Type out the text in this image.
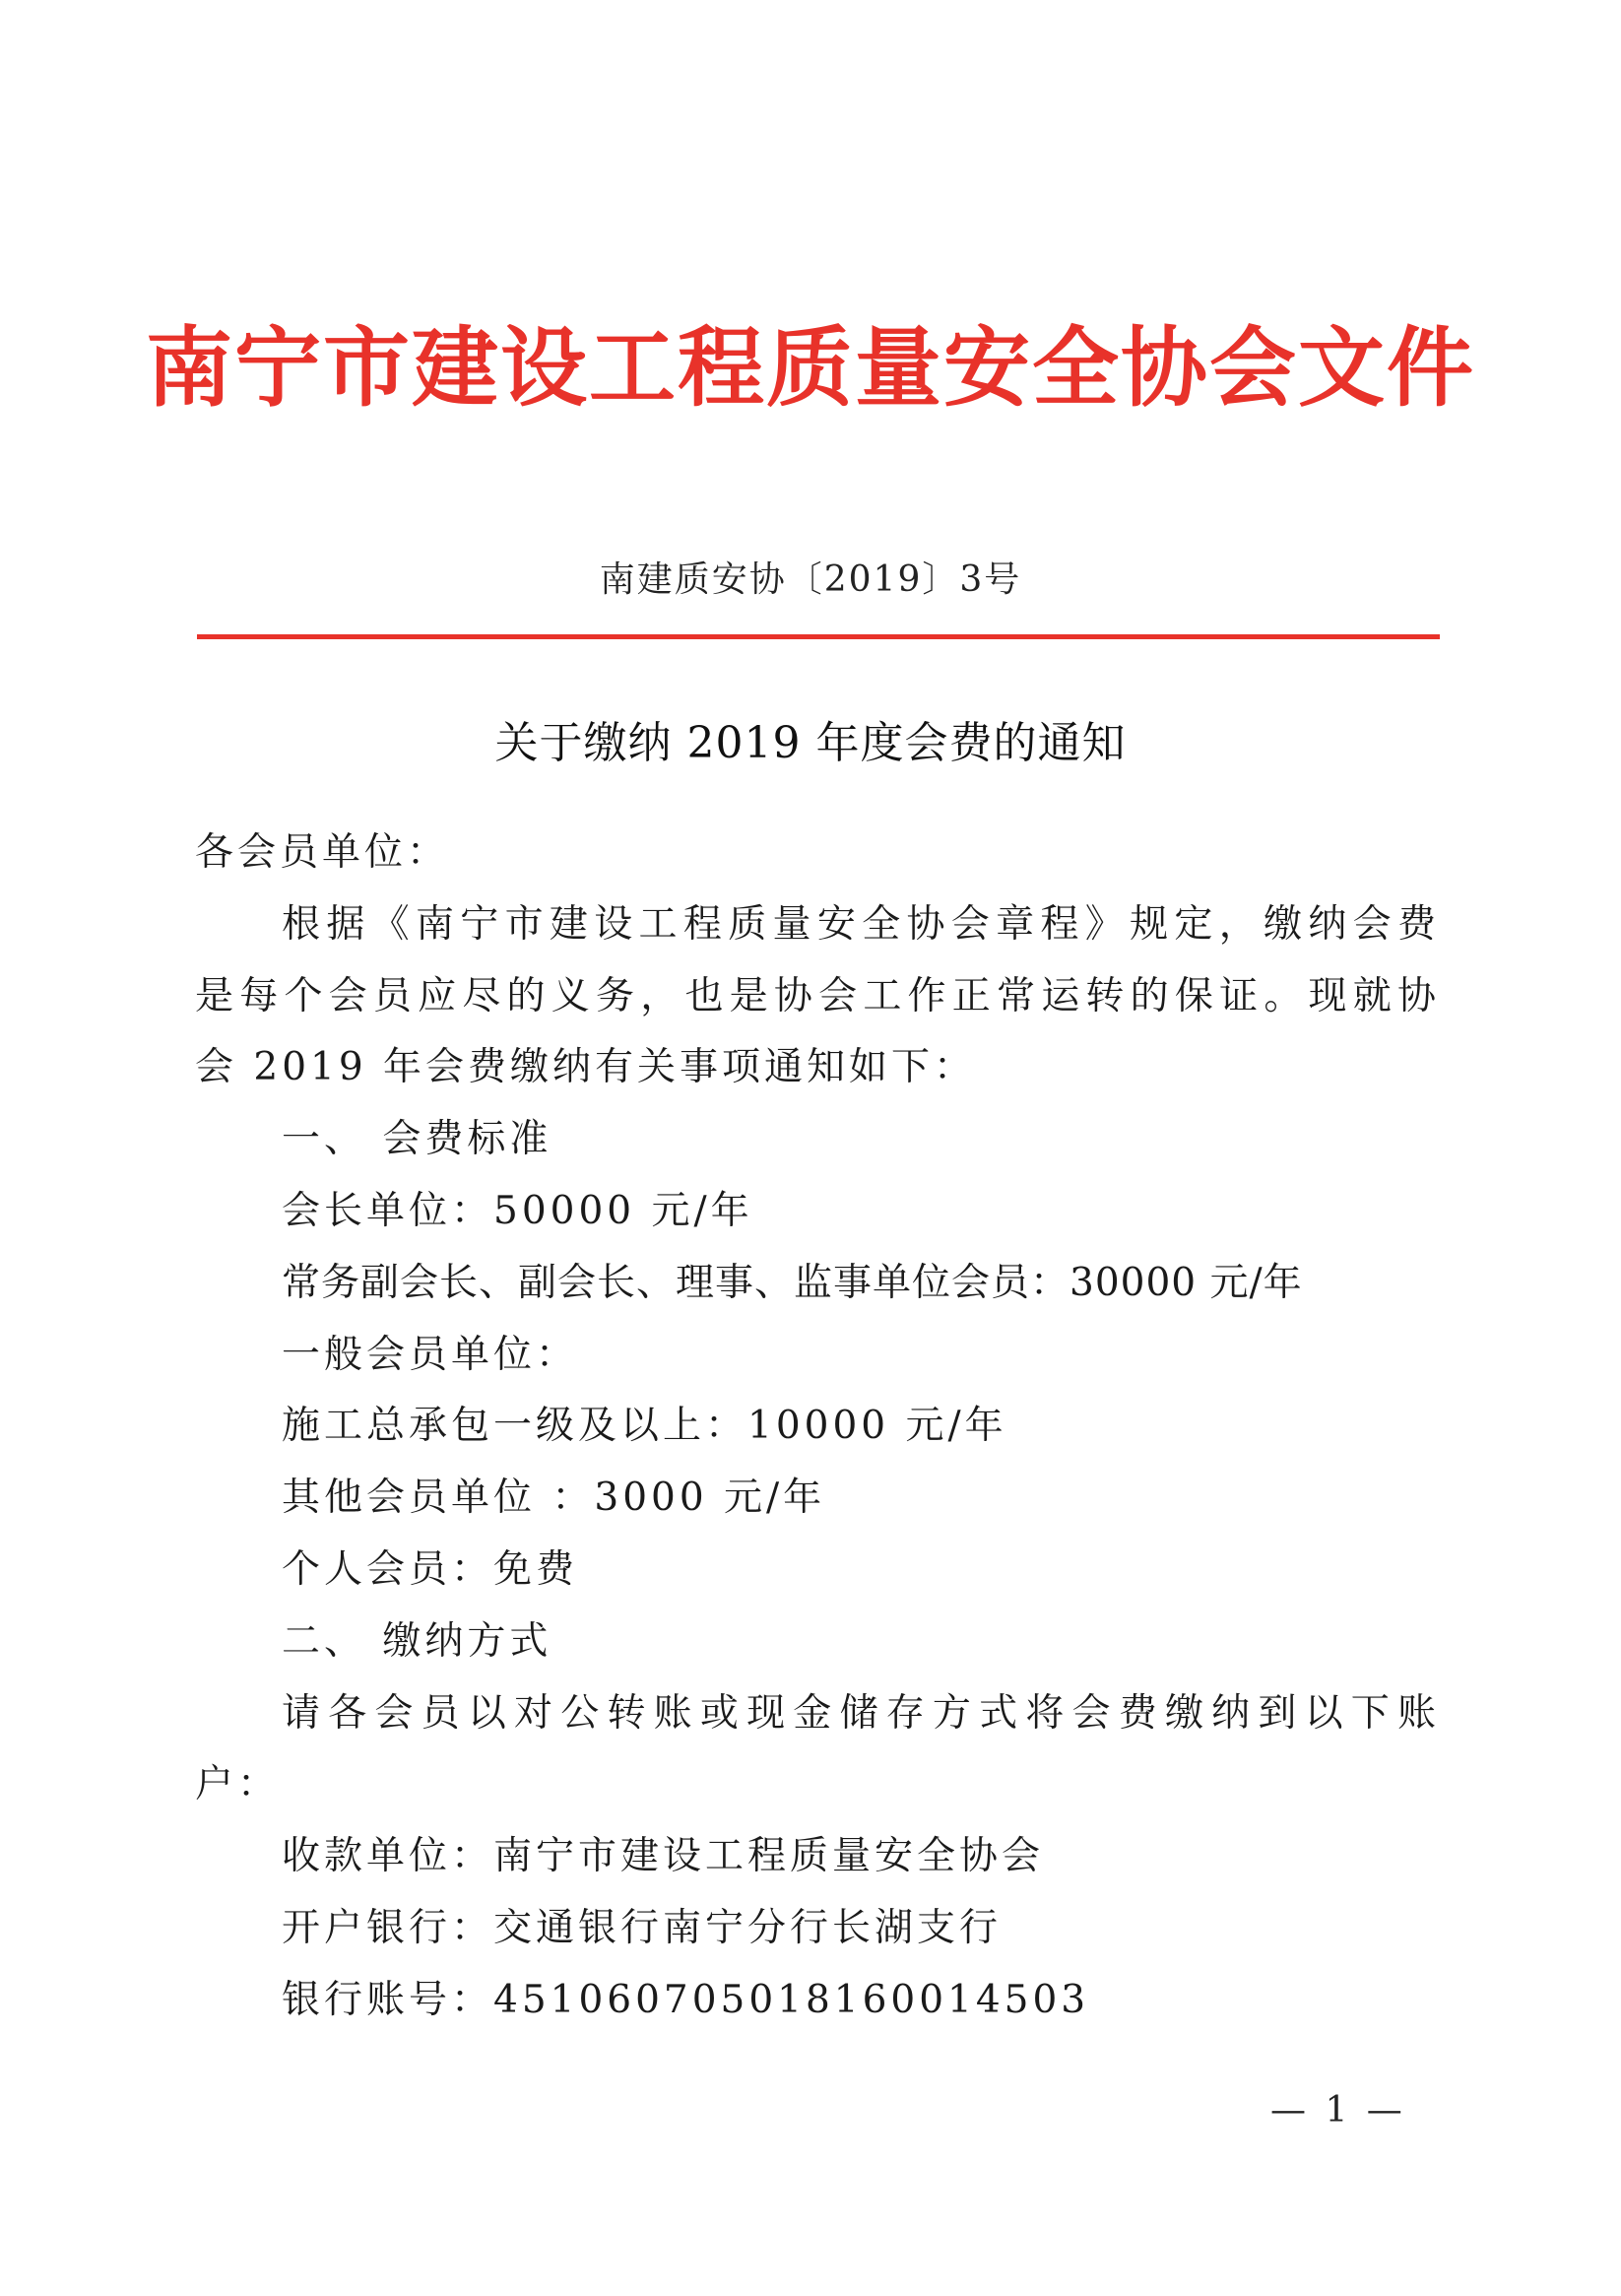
南宁市建设工程质量安全协会文件
南建质安协〔2019〕3号
关于缴纳 2019 年度会费的通知
各会员单位：
根据《南宁市建设工程质量安全协会章程》规定，缴纳会费
是每个会员应尽的义务，也是协会工作正常运转的保证。现就协
会 2019 年会费缴纳有关事项通知如下：
一、 会费标准
会长单位：50000 元/年
常务副会长、副会长、理事、监事单位会员：30000 元/年
一般会员单位：
施工总承包一级及以上：10000 元/年
其他会员单位 ：3000 元/年
个人会员：免费
二、 缴纳方式
请各会员以对公转账或现金储存方式将会费缴纳到以下账
户：
收款单位：南宁市建设工程质量安全协会
开户银行：交通银行南宁分行长湖支行
银行账号：451060705018160014503
— 1 —
